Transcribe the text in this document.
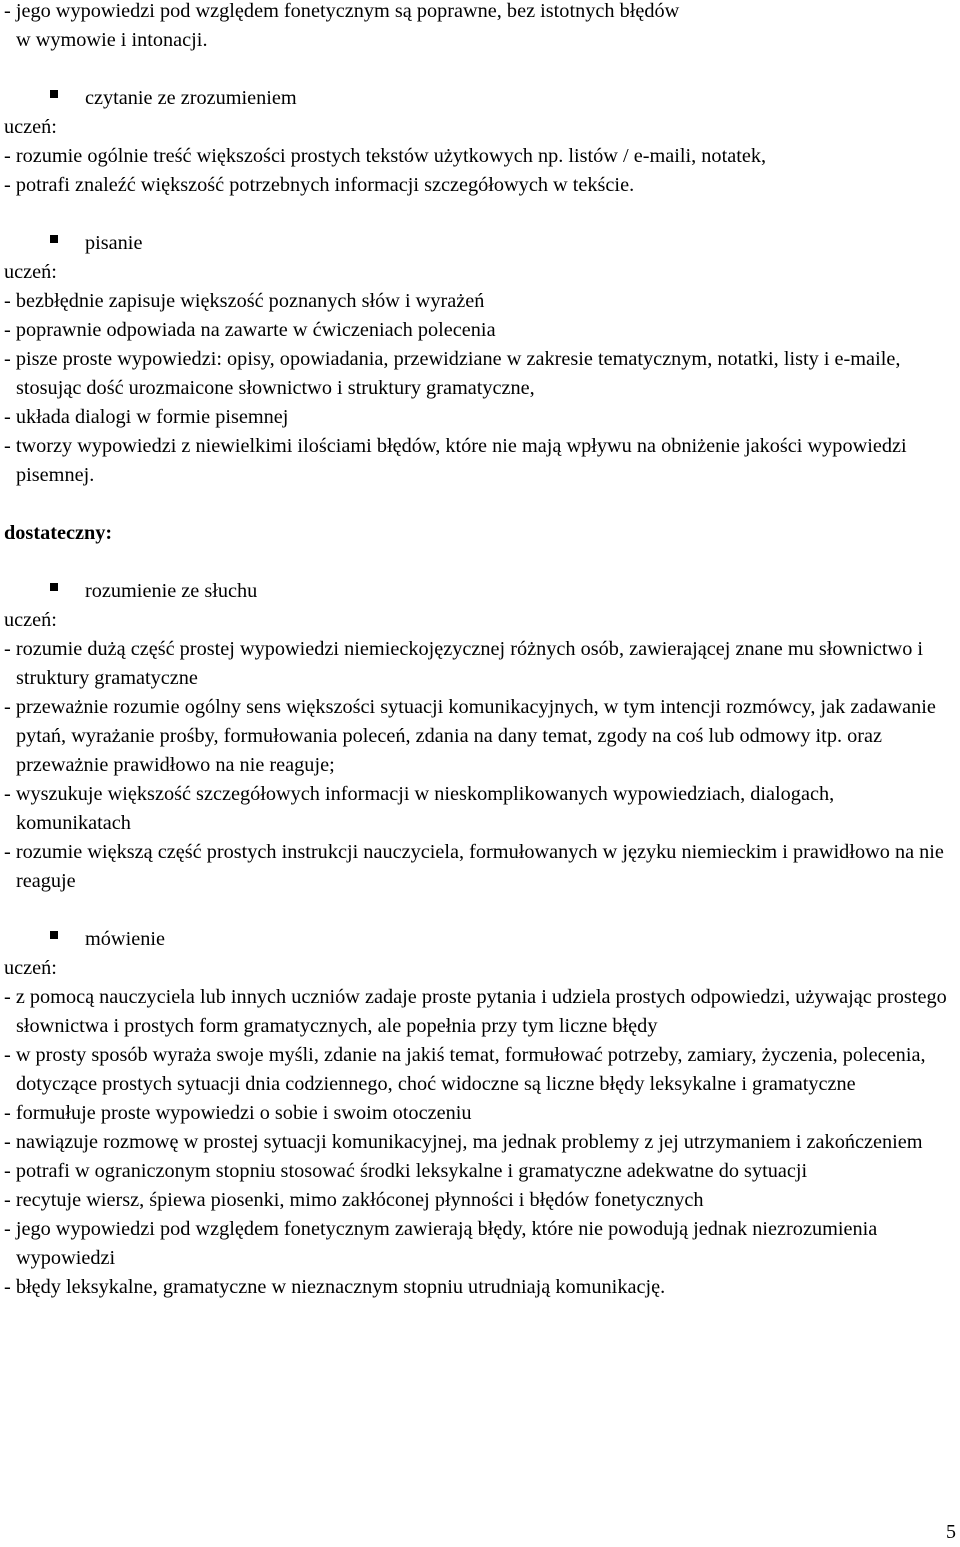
- jego wypowiedzi pod względem fonetycznym są poprawne, bez istotnych błędów
w wymowie i intonacji.
czytanie ze zrozumieniem
uczeń:
- rozumie ogólnie treść większości prostych tekstów użytkowych np. listów / e-maili, notatek,
- potrafi znaleźć większość potrzebnych informacji szczegółowych w tekście.
pisanie
uczeń:
- bezbłędnie zapisuje większość poznanych słów i wyrażeń
- poprawnie odpowiada na zawarte w ćwiczeniach polecenia
- pisze proste wypowiedzi: opisy, opowiadania, przewidziane w zakresie tematycznym, notatki, listy i e-maile, stosując dość urozmaicone słownictwo i struktury gramatyczne,
- układa dialogi w formie pisemnej
- tworzy wypowiedzi z niewielkimi ilościami błędów, które nie mają wpływu na obniżenie jakości wypowiedzi pisemnej.
dostateczny:
rozumienie ze słuchu
uczeń:
- rozumie dużą część prostej wypowiedzi niemieckojęzycznej różnych osób, zawierającej znane mu słownictwo i struktury gramatyczne
- przeważnie rozumie ogólny sens większości sytuacji komunikacyjnych, w tym intencji rozmówcy, jak zadawanie pytań, wyrażanie prośby, formułowania poleceń, zdania na dany temat, zgody na coś lub odmowy itp. oraz przeważnie prawidłowo na nie reaguje;
- wyszukuje większość szczegółowych informacji w nieskomplikowanych wypowiedziach, dialogach, komunikatach
- rozumie większą część prostych instrukcji nauczyciela, formułowanych w języku niemieckim i prawidłowo na nie reaguje
mówienie
uczeń:
- z pomocą nauczyciela lub innych uczniów zadaje proste pytania i udziela prostych odpowiedzi, używając prostego słownictwa i prostych form gramatycznych, ale popełnia przy tym liczne błędy
- w prosty sposób wyraża swoje myśli, zdanie na jakiś temat, formułować potrzeby, zamiary, życzenia, polecenia, dotyczące prostych sytuacji dnia codziennego, choć widoczne są liczne błędy leksykalne i gramatyczne
- formułuje proste wypowiedzi o sobie i swoim otoczeniu
- nawiązuje rozmowę w prostej sytuacji komunikacyjnej, ma jednak problemy z jej utrzymaniem i zakończeniem
- potrafi w ograniczonym stopniu stosować środki leksykalne i gramatyczne adekwatne do sytuacji
- recytuje wiersz, śpiewa piosenki, mimo zakłóconej płynności i błędów fonetycznych
- jego wypowiedzi pod względem fonetycznym zawierają błędy, które nie powodują jednak niezrozumienia wypowiedzi
- błędy leksykalne, gramatyczne w nieznacznym stopniu utrudniają komunikację.
5
